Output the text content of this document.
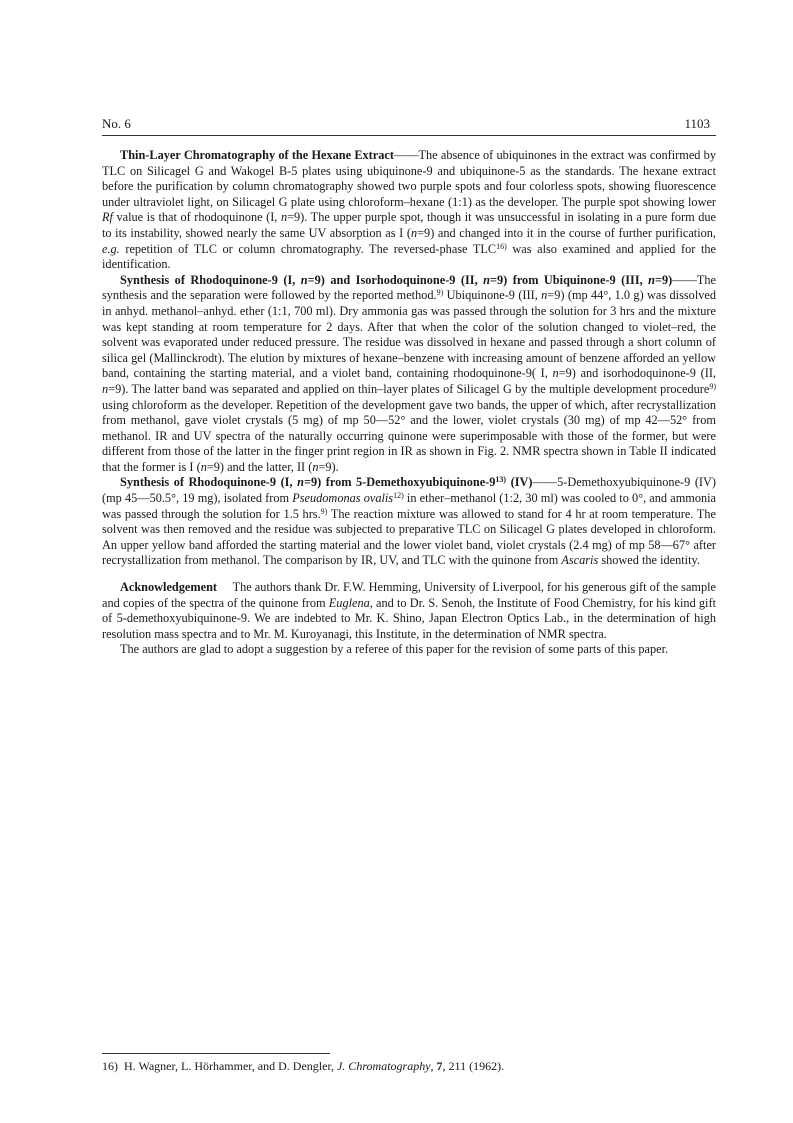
No. 6	1103

Thin-Layer Chromatography of the Hexane Extract——The absence of ubiquinones in the extract was confirmed by TLC on Silicagel G and Wakogel B-5 plates using ubiquinone-9 and ubiquinone-5 as the standards. The hexane extract before the purification by column chromatography showed two purple spots and four colorless spots, showing fluorescence under ultraviolet light, on Silicagel G plate using chloroform–hexane (1:1) as the developer. The purple spot showing lower Rf value is that of rhodoquinone (I, n=9). The upper purple spot, though it was unsuccessful in isolating in a pure form due to its instability, showed nearly the same UV absorption as I (n=9) and changed into it in the course of further purification, e.g. repetition of TLC or column chromatography. The reversed-phase TLC$^{16)}$ was also examined and applied for the identification.

Synthesis of Rhodoquinone-9 (I, n=9) and Isorhodoquinone-9 (II, n=9) from Ubiquinone-9 (III, n=9)——The synthesis and the separation were followed by the reported method.$^{9)}$ Ubiquinone-9 (III, n=9) (mp 44°, 1.0 g) was dissolved in anhyd. methanol–anhyd. ether (1:1, 700 ml). Dry ammonia gas was passed through the solution for 3 hrs and the mixture was kept standing at room temperature for 2 days. After that when the color of the solution changed to violet–red, the solvent was evaporated under reduced pressure. The residue was dissolved in hexane and passed through a short column of silica gel (Mallinckrodt). The elution by mixtures of hexane–benzene with increasing amount of benzene afforded an yellow band, containing the starting material, and a violet band, containing rhodoquinone-9( I, n=9) and isorhodoquinone-9 (II, n=9). The latter band was separated and applied on thin–layer plates of Silicagel G by the multiple development procedure$^{9)}$ using chloroform as the developer. Repetition of the development gave two bands, the upper of which, after recrystallization from methanol, gave violet crystals (5 mg) of mp 50—52° and the lower, violet crystals (30 mg) of mp 42—52° from methanol. IR and UV spectra of the naturally occurring quinone were superimposable with those of the former, but were different from those of the latter in the finger print region in IR as shown in Fig. 2. NMR spectra shown in Table II indicated that the former is I (n=9) and the latter, II (n=9).

Synthesis of Rhodoquinone-9 (I, n=9) from 5-Demethoxyubiquinone-9$^{13)}$ (IV)——5-Demethoxyubiquinone-9 (IV) (mp 45—50.5°, 19 mg), isolated from Pseudomonas ovalis$^{12)}$ in ether–methanol (1:2, 30 ml) was cooled to 0°, and ammonia was passed through the solution for 1.5 hrs.$^{9)}$ The reaction mixture was allowed to stand for 4 hr at room temperature. The solvent was then removed and the residue was subjected to preparative TLC on Silicagel G plates developed in chloroform. An upper yellow band afforded the starting material and the lower violet band, violet crystals (2.4 mg) of mp 58—67° after recrystallization from methanol. The comparison by IR, UV, and TLC with the quinone from Ascaris showed the identity.

Acknowledgement The authors thank Dr. F.W. Hemming, University of Liverpool, for his generous gift of the sample and copies of the spectra of the quinone from Euglena, and to Dr. S. Senoh, the Institute of Food Chemistry, for his kind gift of 5-demethoxyubiquinone-9. We are indebted to Mr. K. Shino, Japan Electron Optics Lab., in the determination of high resolution mass spectra and to Mr. M. Kuroyanagi, this Institute, in the determination of NMR spectra.

The authors are glad to adopt a suggestion by a referee of this paper for the revision of some parts of this paper.

16) H. Wagner, L. Hörhammer, and D. Dengler, J. Chromatography, 7, 211 (1962).
